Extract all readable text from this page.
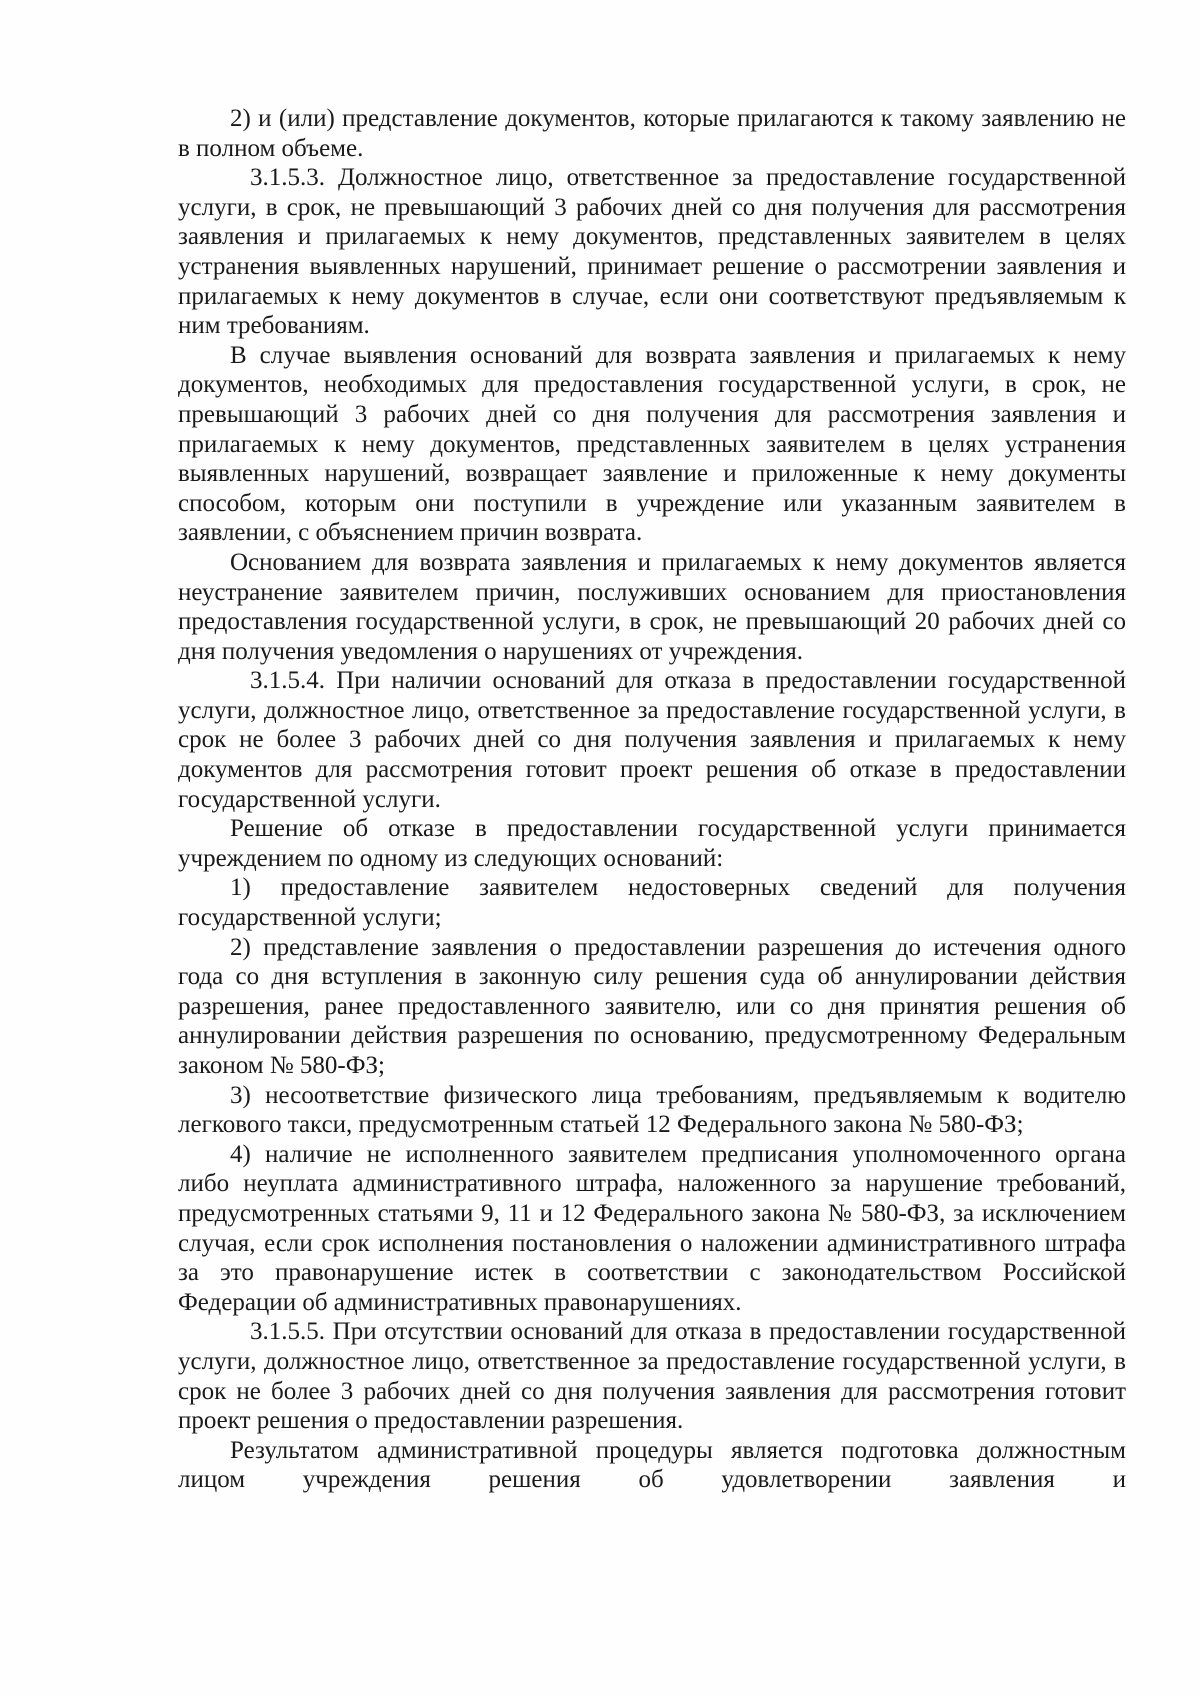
2) и (или) представление документов, которые прилагаются к такому заявлению не в полном объеме.

3.1.5.3. Должностное лицо, ответственное за предоставление государственной услуги, в срок, не превышающий 3 рабочих дней со дня получения для рассмотрения заявления и прилагаемых к нему документов, представленных заявителем в целях устранения выявленных нарушений, принимает решение о рассмотрении заявления и прилагаемых к нему документов в случае, если они соответствуют предъявляемым к ним требованиям.

В случае выявления оснований для возврата заявления и прилагаемых к нему документов, необходимых для предоставления государственной услуги, в срок, не превышающий 3 рабочих дней со дня получения для рассмотрения заявления и прилагаемых к нему документов, представленных заявителем в целях устранения выявленных нарушений, возвращает заявление и приложенные к нему документы способом, которым они поступили в учреждение или указанным заявителем в заявлении, с объяснением причин возврата.

Основанием для возврата заявления и прилагаемых к нему документов является неустранение заявителем причин, послуживших основанием для приостановления предоставления государственной услуги, в срок, не превышающий 20 рабочих дней со дня получения уведомления о нарушениях от учреждения.

3.1.5.4. При наличии оснований для отказа в предоставлении государственной услуги, должностное лицо, ответственное за предоставление государственной услуги, в срок не более 3 рабочих дней со дня получения заявления и прилагаемых к нему документов для рассмотрения готовит проект решения об отказе в предоставлении государственной услуги.

Решение об отказе в предоставлении государственной услуги принимается учреждением по одному из следующих оснований:

1) предоставление заявителем недостоверных сведений для получения государственной услуги;

2) представление заявления о предоставлении разрешения до истечения одного года со дня вступления в законную силу решения суда об аннулировании действия разрешения, ранее предоставленного заявителю, или со дня принятия решения об аннулировании действия разрешения по основанию, предусмотренному Федеральным законом № 580-ФЗ;

3) несоответствие физического лица требованиям, предъявляемым к водителю легкового такси, предусмотренным статьей 12 Федерального закона № 580-ФЗ;

4) наличие не исполненного заявителем предписания уполномоченного органа либо неуплата административного штрафа, наложенного за нарушение требований, предусмотренных статьями 9, 11 и 12 Федерального закона № 580-ФЗ, за исключением случая, если срок исполнения постановления о наложении административного штрафа за это правонарушение истек в соответствии с законодательством Российской Федерации об административных правонарушениях.

3.1.5.5. При отсутствии оснований для отказа в предоставлении государственной услуги, должностное лицо, ответственное за предоставление государственной услуги, в срок не более 3 рабочих дней со дня получения заявления для рассмотрения готовит проект решения о предоставлении разрешения.

Результатом административной процедуры является подготовка должностным лицом учреждения решения об удовлетворении заявления и
